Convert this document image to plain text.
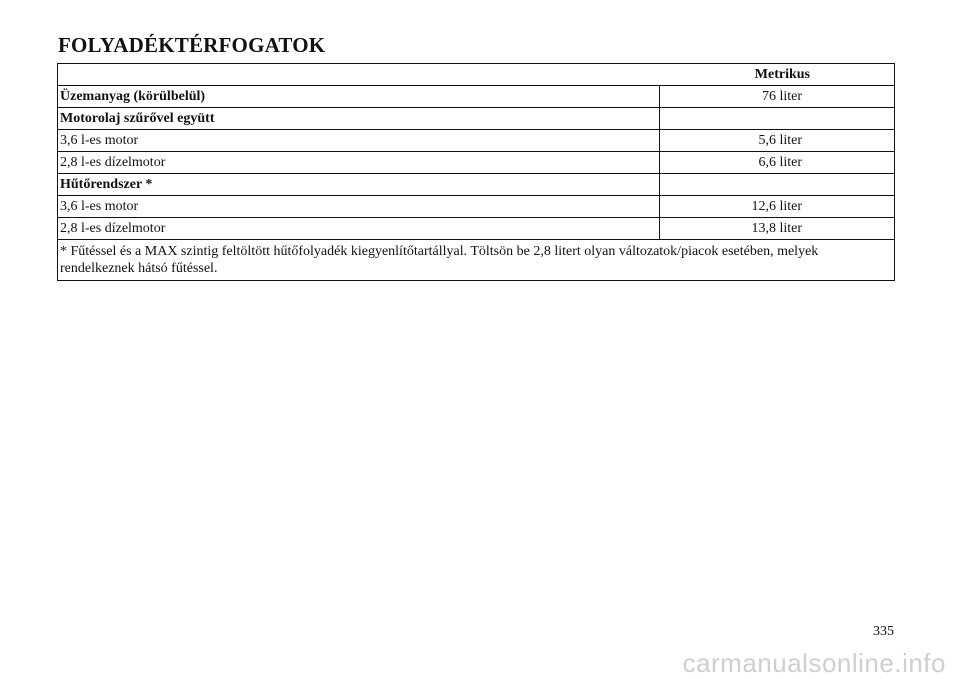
FOLYADÉKTÉRFOGATOK
Metrikus	
Üzemanyag (körülbelül)	76 liter
Motorolaj szűrővel együtt	
3,6 l-es motor	5,6 liter
2,8 l-es dízelmotor	6,6 liter
Hűtőrendszer *	
3,6 l-es motor	12,6 liter
2,8 l-es dízelmotor	13,8 liter
* Fűtéssel és a MAX szintig feltöltött hűtőfolyadék kiegyenlítőtartállyal. Töltsön be 2,8 litert olyan változatok/piacok esetében, melyek rendelkeznek hátsó fűtéssel.	
335
carmanualsonline.info
